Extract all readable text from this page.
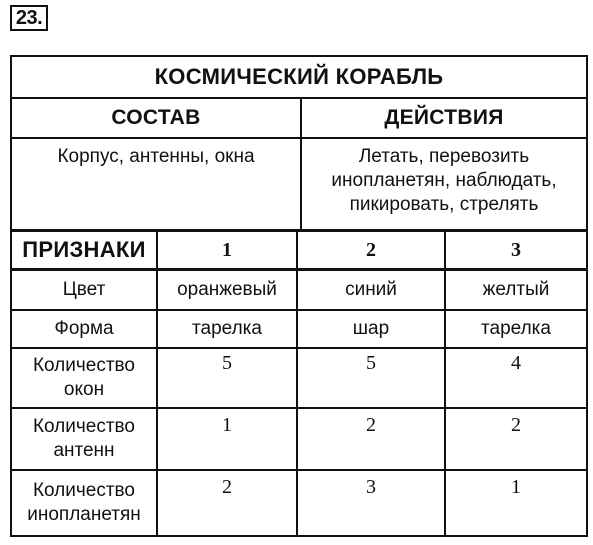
23.
КОСМИЧЕСКИЙ КОРАБЛЬ
СОСТАВ	ДЕЙСТВИЯ
Корпус, антенны, окна	Летать, перевозить
инопланетян, наблюдать,
пикировать, стрелять
ПРИЗНАКИ	1	2	3
Цвет	оранжевый	синий	желтый
Форма	тарелка	шар	тарелка
Количество
окон
5	5	4
Количество
антенн
1	2	2
Количество
инопланетян
2	3	1
